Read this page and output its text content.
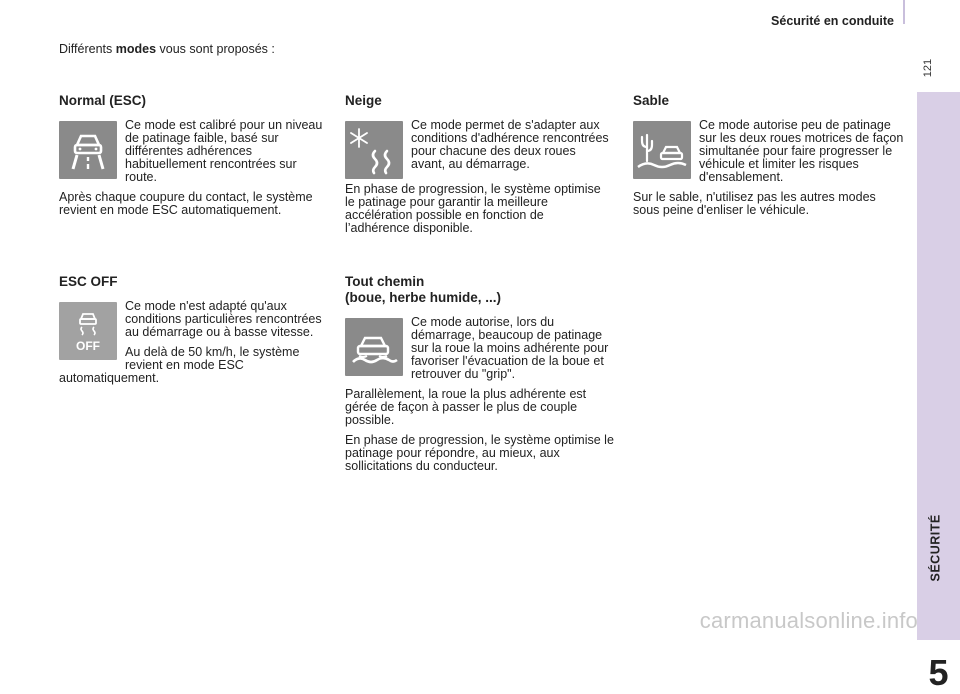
Sécurité en conduite
121
SÉCURITÉ
5
Différents modes vous sont proposés :
Normal (ESC)

Ce mode est calibré pour un niveau de patinage faible, basé sur différentes adhérences habituellement rencontrées sur route.

Après chaque coupure du contact, le système revient en mode ESC automatiquement.

Neige

Ce mode permet de s'adapter aux conditions d'adhérence rencontrées pour chacune des deux roues avant, au démarrage.

En phase de progression, le système optimise le patinage pour garantir la meilleure accélération possible en fonction de l’adhérence disponible.

Sable

Ce mode autorise peu de patinage sur les deux roues motrices de façon simultanée pour faire progresser le véhicule et limiter les risques d'ensablement.

Sur le sable, n'utilisez pas les autres modes sous peine d'enliser le véhicule.

ESC OFF
OFF

Ce mode n'est adapté qu'aux conditions particulières rencontrées au démarrage ou à basse vitesse.

Au delà de 50 km/h, le système revient en mode ESC automatiquement.

Tout chemin
(boue, herbe humide, ...)

Ce mode autorise, lors du démarrage, beaucoup de patinage sur la roue la moins adhérente pour favoriser l'évacuation de la boue et retrouver du "grip".

Parallèlement, la roue la plus adhérente est gérée de façon à passer le plus de couple possible.

En phase de progression, le système optimise le patinage pour répondre, au mieux, aux sollicitations du conducteur.

carmanualsonline.info
